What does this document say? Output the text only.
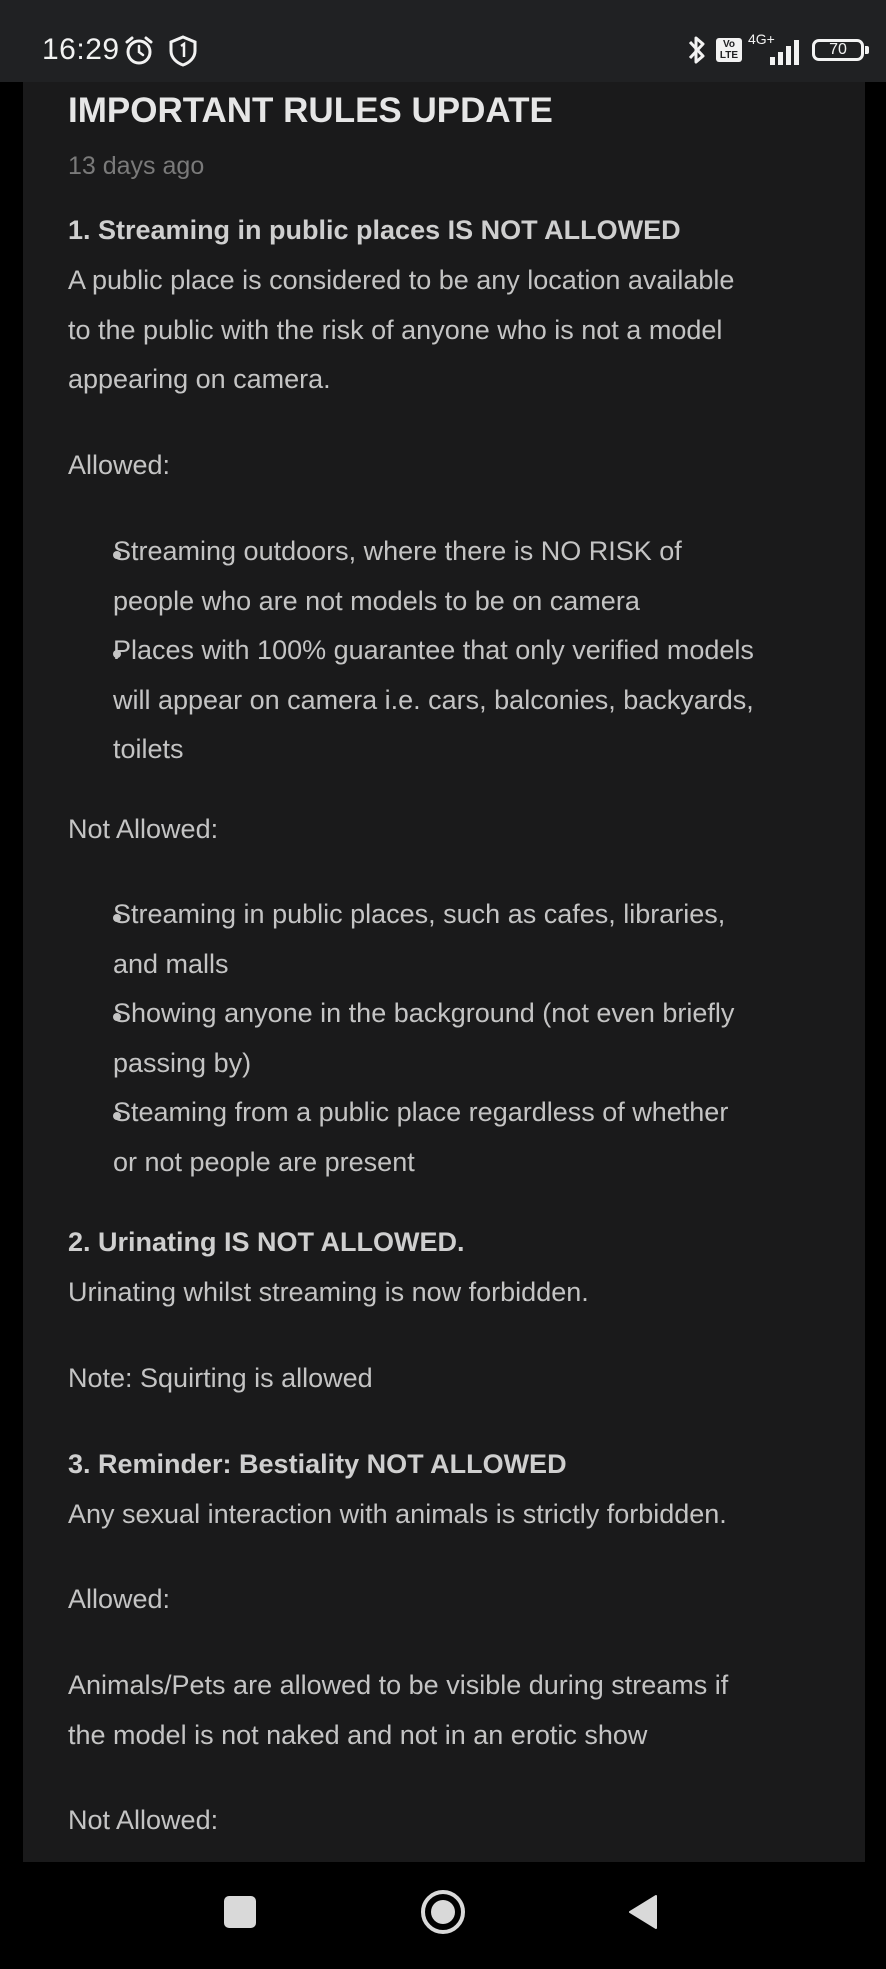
16:29	Vo
LTE
4G+
70
IMPORTANT RULES UPDATE
13 days ago
1. Streaming in public places IS NOT ALLOWED
A public place is considered to be any location available
to the public with the risk of anyone who is not a model
appearing on camera.
Allowed:
Streaming outdoors, where there is NO RISK of
people who are not models to be on camera
Places with 100% guarantee that only verified models
will appear on camera i.e. cars, balconies, backyards,
toilets
Not Allowed:
Streaming in public places, such as cafes, libraries,
and malls
Showing anyone in the background (not even briefly
passing by)
Steaming from a public place regardless of whether
or not people are present
2. Urinating IS NOT ALLOWED.
Urinating whilst streaming is now forbidden.
Note: Squirting is allowed
3. Reminder: Bestiality NOT ALLOWED
Any sexual interaction with animals is strictly forbidden.
Allowed:
Animals/Pets are allowed to be visible during streams if
the model is not naked and not in an erotic show
Not Allowed:
